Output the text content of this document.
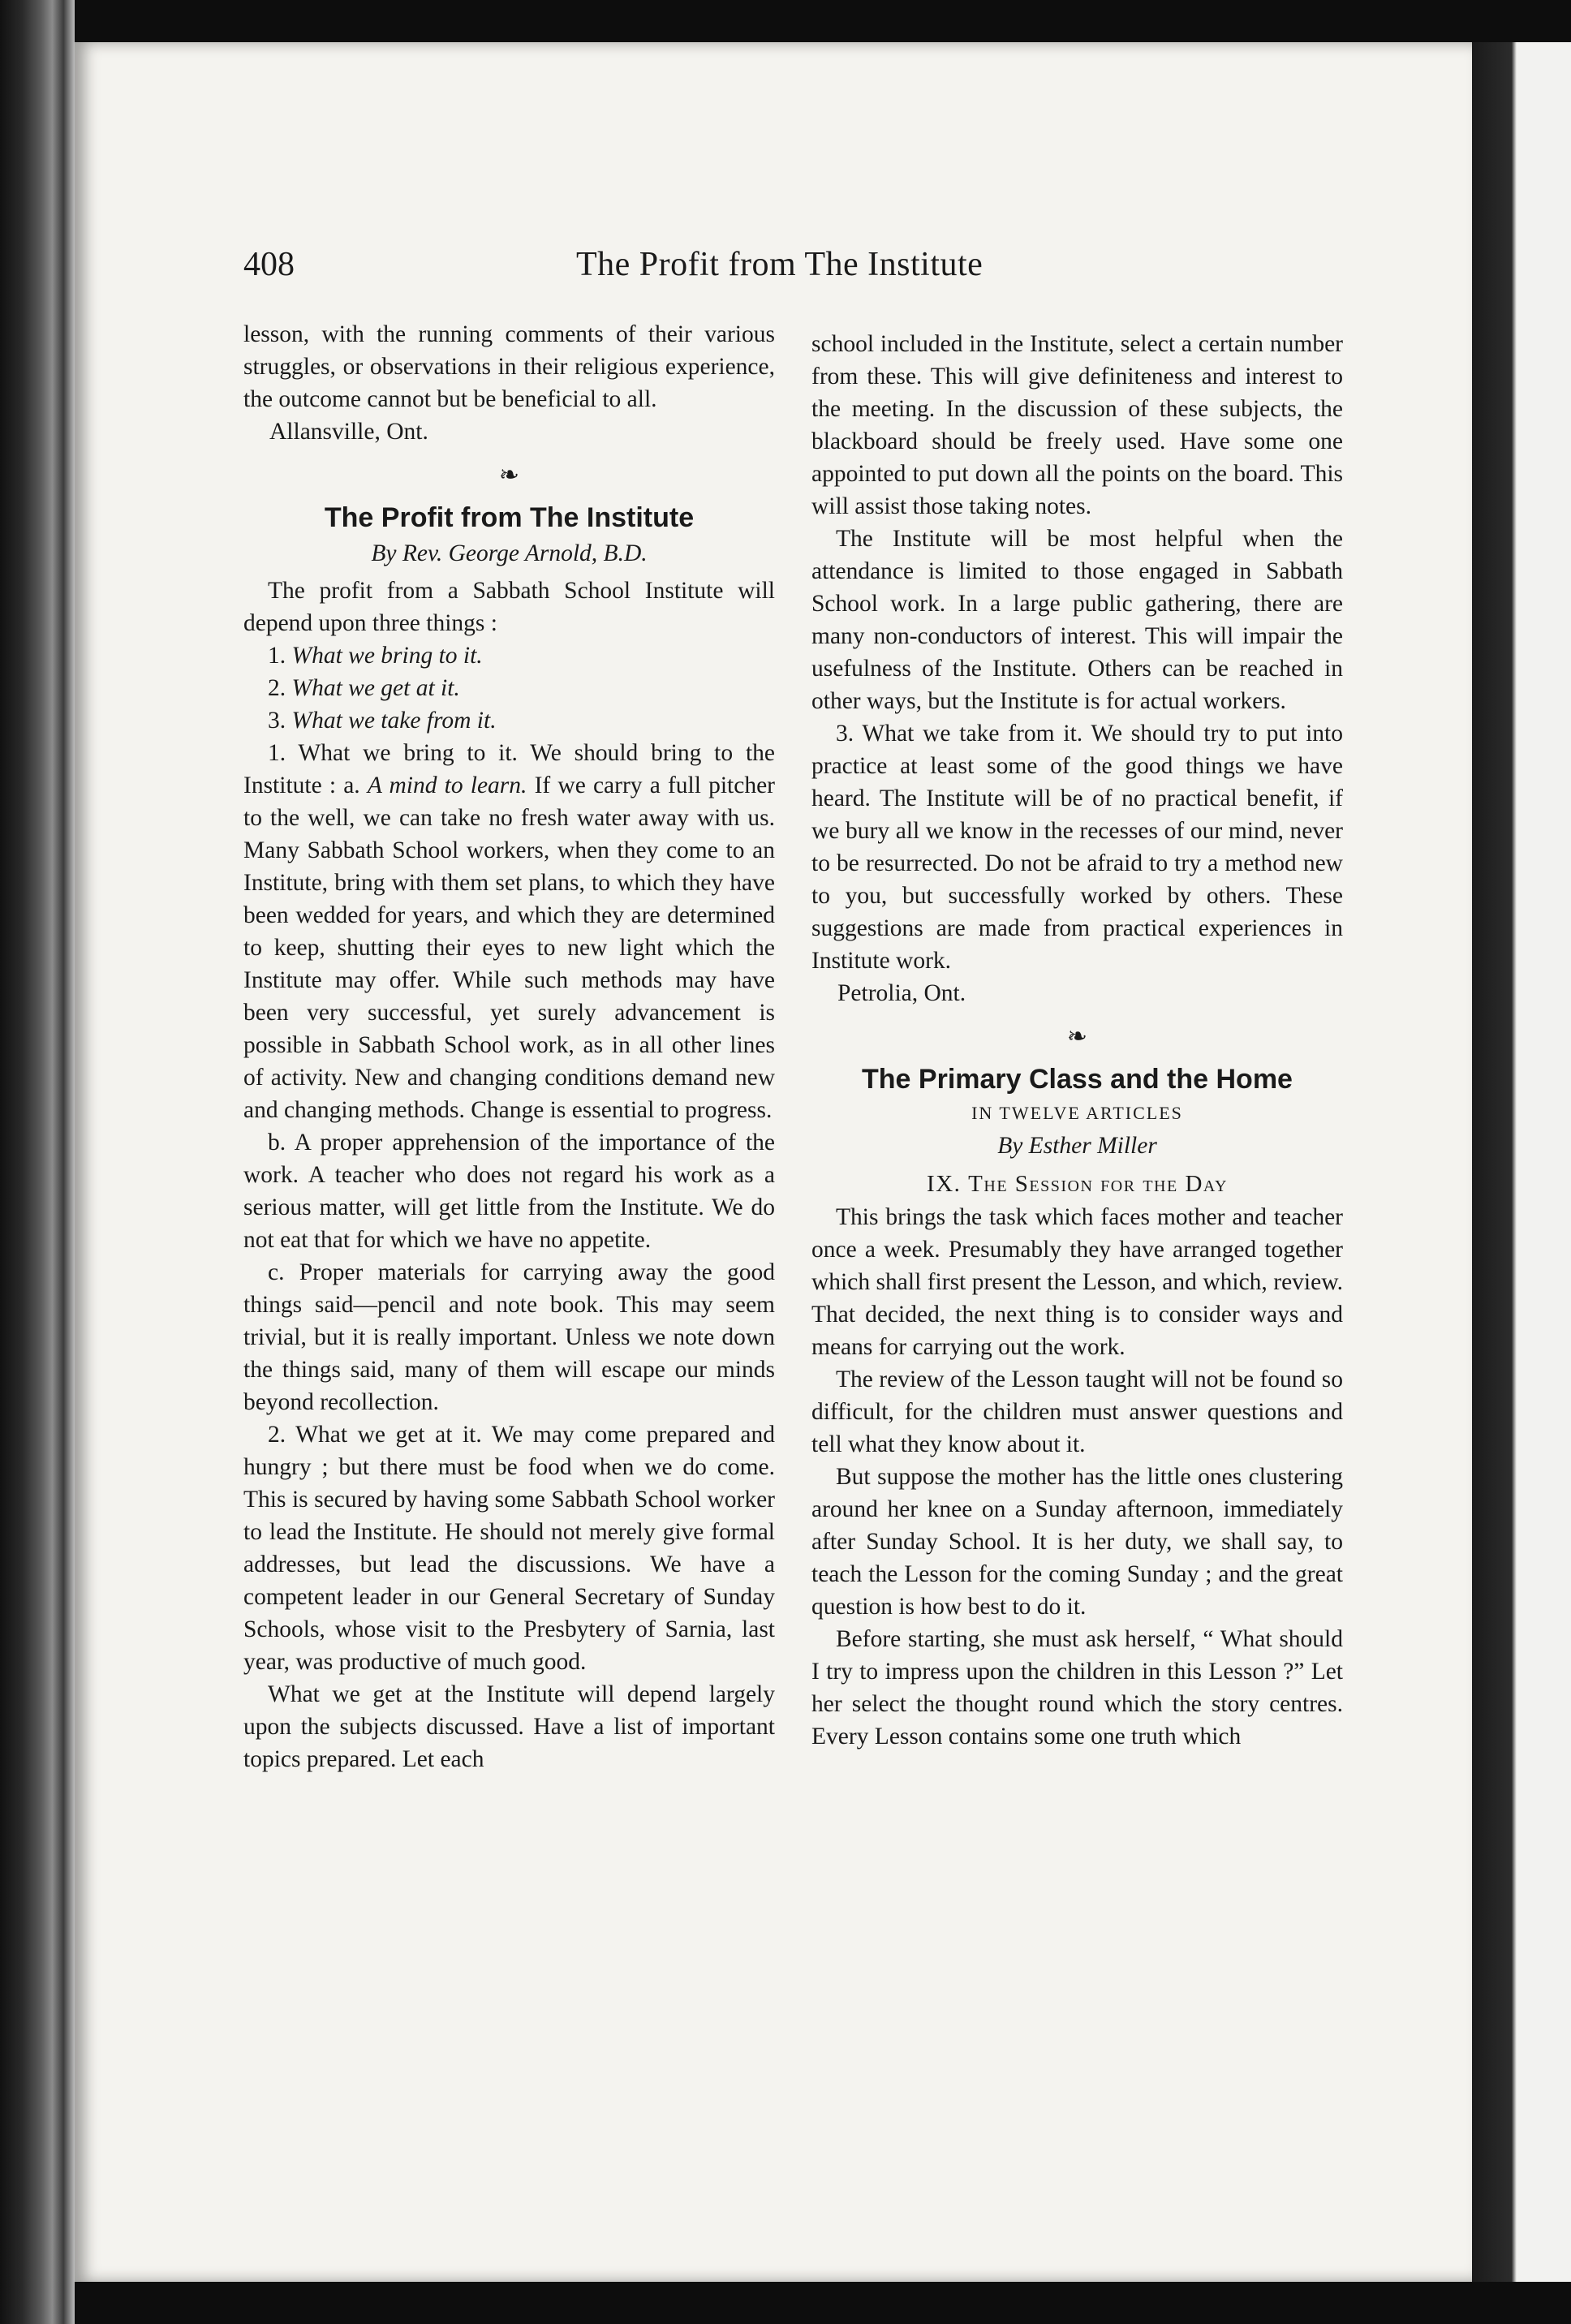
408	The Profit from The Institute

lesson, with the running comments of their various struggles, or observations in their religious experience, the outcome cannot but be beneficial to all.

Allansville, Ont.

❧
The Profit from The Institute
By Rev. George Arnold, B.D.

The profit from a Sabbath School Institute will depend upon three things :

1. What we bring to it.
2. What we get at it.
3. What we take from it.

1. What we bring to it. We should bring to the Institute : a. A mind to learn. If we carry a full pitcher to the well, we can take no fresh water away with us. Many Sabbath School workers, when they come to an Institute, bring with them set plans, to which they have been wedded for years, and which they are determined to keep, shutting their eyes to new light which the Institute may offer. While such methods may have been very successful, yet surely advancement is possible in Sabbath School work, as in all other lines of activity. New and changing conditions demand new and changing methods. Change is essential to progress.

b. A proper apprehension of the importance of the work. A teacher who does not regard his work as a serious matter, will get little from the Institute. We do not eat that for which we have no appetite.

c. Proper materials for carrying away the good things said—pencil and note book. This may seem trivial, but it is really important. Unless we note down the things said, many of them will escape our minds beyond recollection.

2. What we get at it. We may come prepared and hungry ; but there must be food when we do come. This is secured by having some Sabbath School worker to lead the Institute. He should not merely give formal addresses, but lead the discussions. We have a competent leader in our General Secretary of Sunday Schools, whose visit to the Presbytery of Sarnia, last year, was productive of much good.

What we get at the Institute will depend largely upon the subjects discussed. Have a list of important topics prepared. Let each

school included in the Institute, select a certain number from these. This will give definiteness and interest to the meeting. In the discussion of these subjects, the blackboard should be freely used. Have some one appointed to put down all the points on the board. This will assist those taking notes.

The Institute will be most helpful when the attendance is limited to those engaged in Sabbath School work. In a large public gathering, there are many non-conductors of interest. This will impair the usefulness of the Institute. Others can be reached in other ways, but the Institute is for actual workers.

3. What we take from it. We should try to put into practice at least some of the good things we have heard. The Institute will be of no practical benefit, if we bury all we know in the recesses of our mind, never to be resurrected. Do not be afraid to try a method new to you, but successfully worked by others. These suggestions are made from practical experiences in Institute work.

Petrolia, Ont.

❧
The Primary Class and the Home
IN TWELVE ARTICLES
By Esther Miller
IX. The Session for the Day

This brings the task which faces mother and teacher once a week. Presumably they have arranged together which shall first present the Lesson, and which, review. That decided, the next thing is to consider ways and means for carrying out the work.

The review of the Lesson taught will not be found so difficult, for the children must answer questions and tell what they know about it.

But suppose the mother has the little ones clustering around her knee on a Sunday afternoon, immediately after Sunday School. It is her duty, we shall say, to teach the Lesson for the coming Sunday ; and the great question is how best to do it.

Before starting, she must ask herself, “ What should I try to impress upon the children in this Lesson ?” Let her select the thought round which the story centres. Every Lesson contains some one truth which
